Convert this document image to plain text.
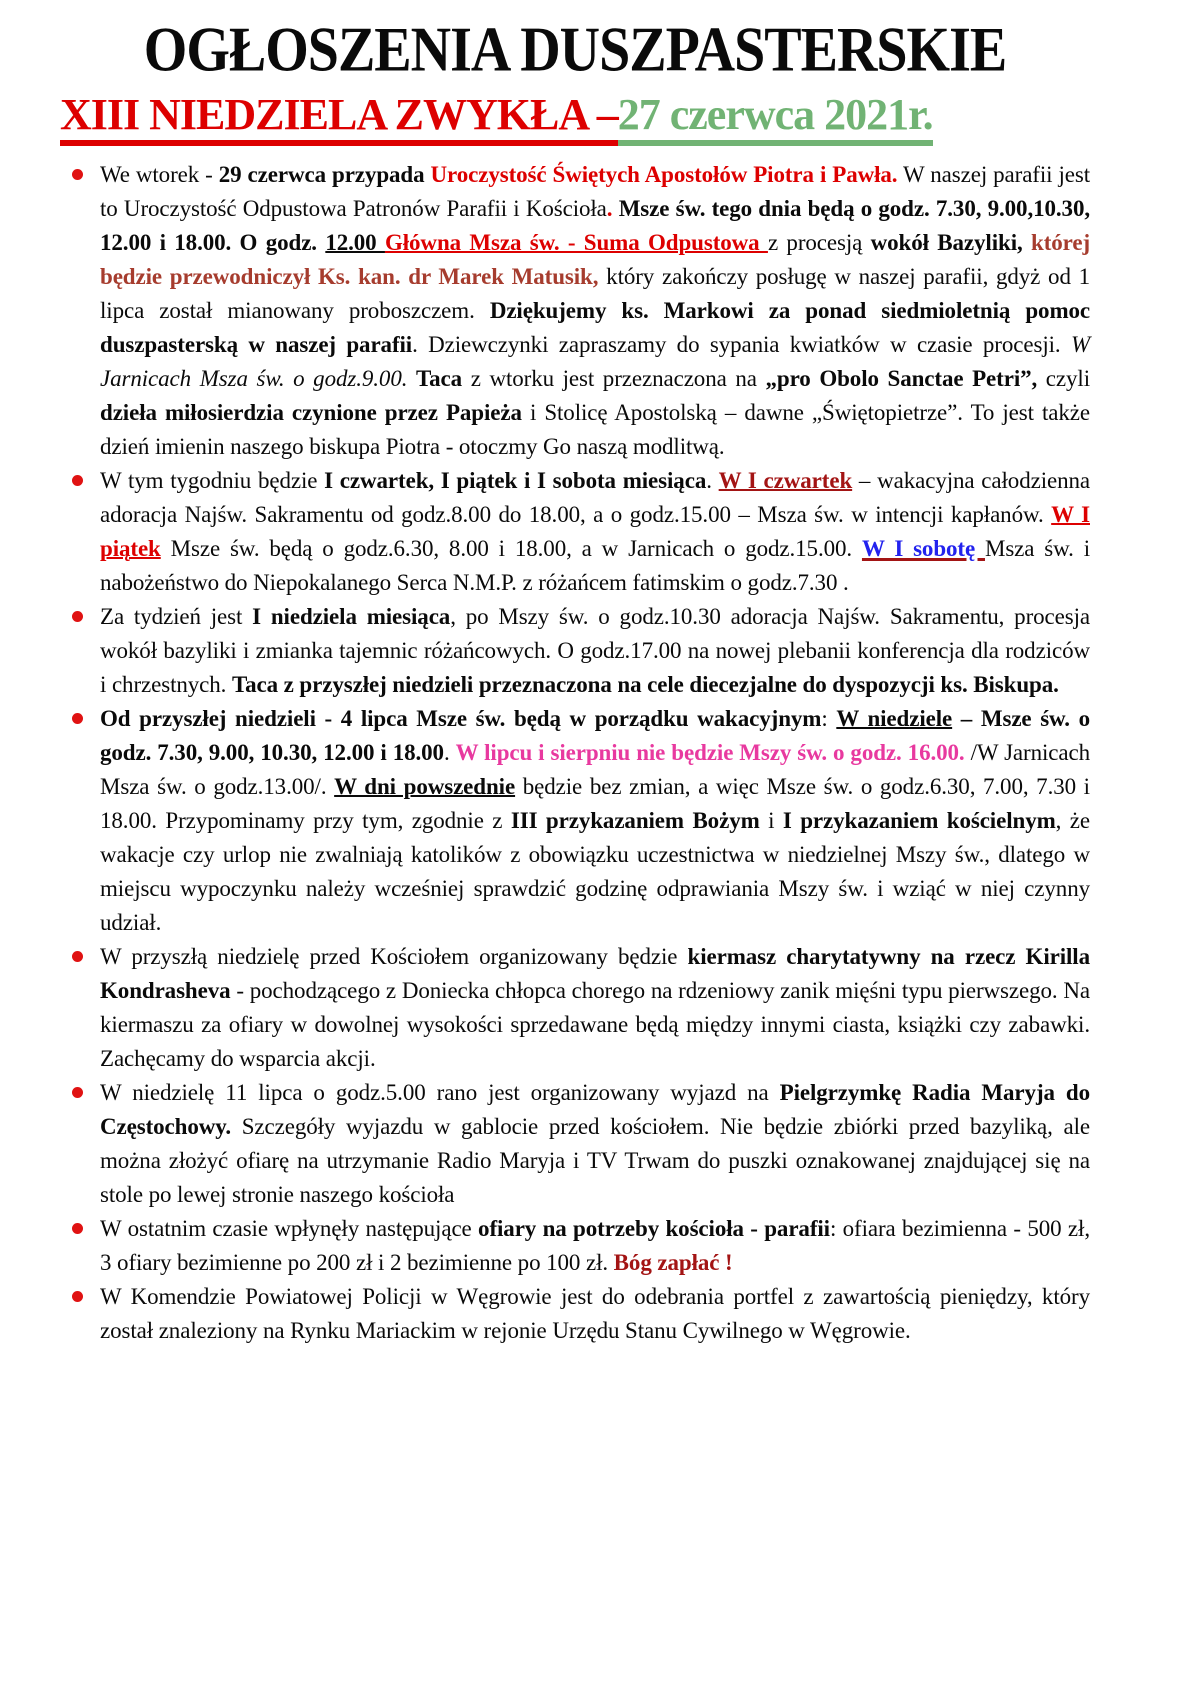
OGŁOSZENIA DUSZPASTERSKIE
XIII NIEDZIELA ZWYKŁA –27 czerwca 2021r.
We wtorek - 29 czerwca przypada Uroczystość Świętych Apostołów Piotra i Pawła. W naszej parafii jest to Uroczystość Odpustowa Patronów Parafii i Kościoła. Msze św. tego dnia będą o godz. 7.30, 9.00,10.30, 12.00 i 18.00. O godz. 12.00 Główna Msza św. - Suma Odpustowa z procesją wokół Bazyliki, której będzie przewodniczył Ks. kan. dr Marek Matusik, który zakończy posługę w naszej parafii, gdyż od 1 lipca został mianowany proboszczem. Dziękujemy ks. Markowi za ponad siedmioletnią pomoc duszpasterską w naszej parafii. Dziewczynki zapraszamy do sypania kwiatków w czasie procesji. W Jarnicach Msza św. o godz.9.00. Taca z wtorku jest przeznaczona na „pro Obolo Sanctae Petri”, czyli dzieła miłosierdzia czynione przez Papieża i Stolicę Apostolską – dawne „Świętopietrze”. To jest także dzień imienin naszego biskupa Piotra - otoczmy Go naszą modlitwą.
W tym tygodniu będzie I czwartek, I piątek i I sobota miesiąca. W I czwartek – wakacyjna całodzienna adoracja Najśw. Sakramentu od godz.8.00 do 18.00, a o godz.15.00 – Msza św. w intencji kapłanów. W I piątek Msze św. będą o godz.6.30, 8.00 i 18.00, a w Jarnicach o godz.15.00. W I sobotę Msza św. i nabożeństwo do Niepokalanego Serca N.M.P. z różańcem fatimskim o godz.7.30 .
Za tydzień jest I niedziela miesiąca, po Mszy św. o godz.10.30 adoracja Najśw. Sakramentu, procesja wokół bazyliki i zmianka tajemnic różańcowych. O godz.17.00 na nowej plebanii konferencja dla rodziców i chrzestnych. Taca z przyszłej niedzieli przeznaczona na cele diecezjalne do dyspozycji ks. Biskupa.
Od przyszłej niedzieli - 4 lipca Msze św. będą w porządku wakacyjnym: W niedziele – Msze św. o godz. 7.30, 9.00, 10.30, 12.00 i 18.00. W lipcu i sierpniu nie będzie Mszy św. o godz. 16.00. /W Jarnicach Msza św. o godz.13.00/. W dni powszednie będzie bez zmian, a więc Msze św. o godz.6.30, 7.00, 7.30 i 18.00. Przypominamy przy tym, zgodnie z III przykazaniem Bożym i I przykazaniem kościelnym, że wakacje czy urlop nie zwalniają katolików z obowiązku uczestnictwa w niedzielnej Mszy św., dlatego w miejscu wypoczynku należy wcześniej sprawdzić godzinę odprawiania Mszy św. i wziąć w niej czynny udział.
W przyszłą niedzielę przed Kościołem organizowany będzie kiermasz charytatywny na rzecz Kirilla Kondrasheva - pochodzącego z Doniecka chłopca chorego na rdzeniowy zanik mięśni typu pierwszego. Na kiermaszu za ofiary w dowolnej wysokości sprzedawane będą między innymi ciasta, książki czy zabawki. Zachęcamy do wsparcia akcji.
W niedzielę 11 lipca o godz.5.00 rano jest organizowany wyjazd na Pielgrzymkę Radia Maryja do Częstochowy. Szczegóły wyjazdu w gablocie przed kościołem. Nie będzie zbiórki przed bazyliką, ale można złożyć ofiarę na utrzymanie Radio Maryja i TV Trwam do puszki oznakowanej znajdującej się na stole po lewej stronie naszego kościoła
W ostatnim czasie wpłynęły następujące ofiary na potrzeby kościoła - parafii: ofiara bezimienna - 500 zł, 3 ofiary bezimienne po 200 zł i 2 bezimienne po 100 zł. Bóg zapłać !
W Komendzie Powiatowej Policji w Węgrowie jest do odebrania portfel z zawartością pieniędzy, który został znaleziony na Rynku Mariackim w rejonie Urzędu Stanu Cywilnego w Węgrowie.
